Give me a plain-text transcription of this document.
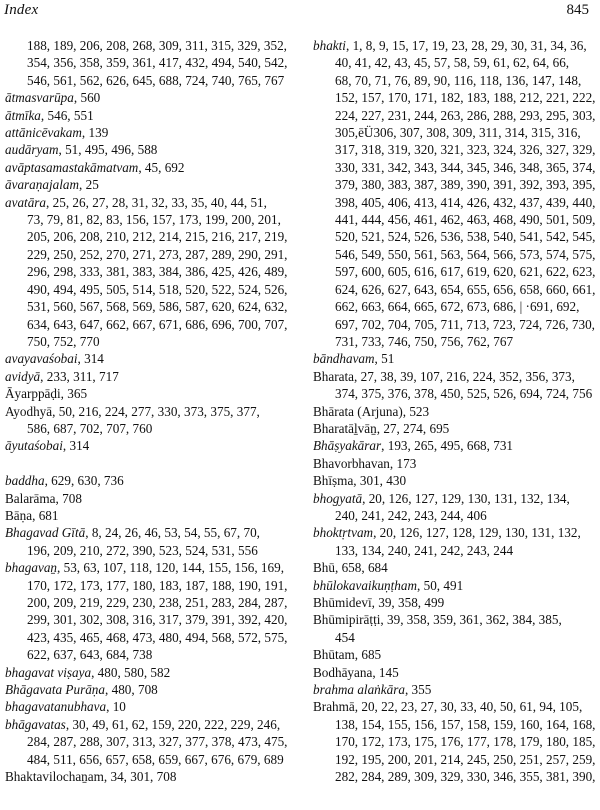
Index	845
188, 189, 206, 208, 268, 309, 311, 315, 329, 352,
354, 356, 358, 359, 361, 417, 432, 494, 540, 542,
546, 561, 562, 626, 645, 688, 724, 740, 765, 767
ātmasvarūpa, 560
ātmīka, 546, 551
attānicēvakam, 139
audāryam, 51, 495, 496, 588
avāptasamastakāmatvam, 45, 692
āvaraṇajalam, 25
avatāra, 25, 26, 27, 28, 31, 32, 33, 35, 40, 44, 51,
73, 79, 81, 82, 83, 156, 157, 173, 199, 200, 201,
205, 206, 208, 210, 212, 214, 215, 216, 217, 219,
229, 250, 252, 270, 271, 273, 287, 289, 290, 291,
296, 298, 333, 381, 383, 384, 386, 425, 426, 489,
490, 494, 495, 505, 514, 518, 520, 522, 524, 526,
531, 560, 567, 568, 569, 586, 587, 620, 624, 632,
634, 643, 647, 662, 667, 671, 686, 696, 700, 707,
750, 752, 770
avayavaśobai, 314
avidyā, 233, 311, 717
Āyarppāḍi, 365
Ayodhyā, 50, 216, 224, 277, 330, 373, 375, 377,
586, 687, 702, 707, 760
āyutaśobai, 314
baddha, 629, 630, 736
Balarāma, 708
Bāṇa, 681
Bhagavad Gītā, 8, 24, 26, 46, 53, 54, 55, 67, 70,
196, 209, 210, 272, 390, 523, 524, 531, 556
bhagavaṉ, 53, 63, 107, 118, 120, 144, 155, 156, 169,
170, 172, 173, 177, 180, 183, 187, 188, 190, 191,
200, 209, 219, 229, 230, 238, 251, 283, 284, 287,
299, 301, 302, 308, 316, 317, 379, 391, 392, 420,
423, 435, 465, 468, 473, 480, 494, 568, 572, 575,
622, 637, 643, 684, 738
bhagavat viṣaya, 480, 580, 582
Bhāgavata Purāṇa, 480, 708
bhagavatanubhava, 10
bhāgavatas, 30, 49, 61, 62, 159, 220, 222, 229, 246,
284, 287, 288, 307, 313, 327, 377, 378, 473, 475,
484, 511, 656, 657, 658, 659, 667, 676, 679, 689
Bhaktavilochaṉam, 34, 301, 708
bhakti, 1, 8, 9, 15, 17, 19, 23, 28, 29, 30, 31, 34, 36,
40, 41, 42, 43, 45, 57, 58, 59, 61, 62, 64, 66,
68, 70, 71, 76, 89, 90, 116, 118, 136, 147, 148,
152, 157, 170, 171, 182, 183, 188, 212, 221, 222,
224, 227, 231, 244, 263, 286, 288, 293, 295, 303,
305,ēÜ306, 307, 308, 309, 311, 314, 315, 316,
317, 318, 319, 320, 321, 323, 324, 326, 327, 329,
330, 331, 342, 343, 344, 345, 346, 348, 365, 374,
379, 380, 383, 387, 389, 390, 391, 392, 393, 395,
398, 405, 406, 413, 414, 426, 432, 437, 439, 440,
441, 444, 456, 461, 462, 463, 468, 490, 501, 509,
520, 521, 524, 526, 536, 538, 540, 541, 542, 545,
546, 549, 550, 561, 563, 564, 566, 573, 574, 575,
597, 600, 605, 616, 617, 619, 620, 621, 622, 623,
624, 626, 627, 643, 654, 655, 656, 658, 660, 661,
662, 663, 664, 665, 672, 673, 686, | ·691, 692,
697, 702, 704, 705, 711, 713, 723, 724, 726, 730,
731, 733, 746, 750, 756, 762, 767
bāndhavam, 51
Bharata, 27, 38, 39, 107, 216, 224, 352, 356, 373,
374, 375, 376, 378, 450, 525, 526, 694, 724, 756
Bhārata (Arjuna), 523
Bharatāḻvāṉ, 27, 274, 695
Bhāṣyakārar, 193, 265, 495, 668, 731
Bhavorbhavan, 173
Bhīṣma, 301, 430
bhogyatā, 20, 126, 127, 129, 130, 131, 132, 134,
240, 241, 242, 243, 244, 406
bhoktṛtvam, 20, 126, 127, 128, 129, 130, 131, 132,
133, 134, 240, 241, 242, 243, 244
Bhū, 658, 684
bhūlokavaikuṇṭham, 50, 491
Bhūmidevī, 39, 358, 499
Bhūmipirāṭṭi, 39, 358, 359, 361, 362, 384, 385,
454
Bhūtam, 685
Bodhāyana, 145
brahma alaṅkāra, 355
Brahmā, 20, 22, 23, 27, 30, 33, 40, 50, 61, 94, 105,
138, 154, 155, 156, 157, 158, 159, 160, 164, 168,
170, 172, 173, 175, 176, 177, 178, 179, 180, 185,
192, 195, 200, 201, 214, 245, 250, 251, 257, 259,
282, 284, 289, 309, 329, 330, 346, 355, 381, 390,
